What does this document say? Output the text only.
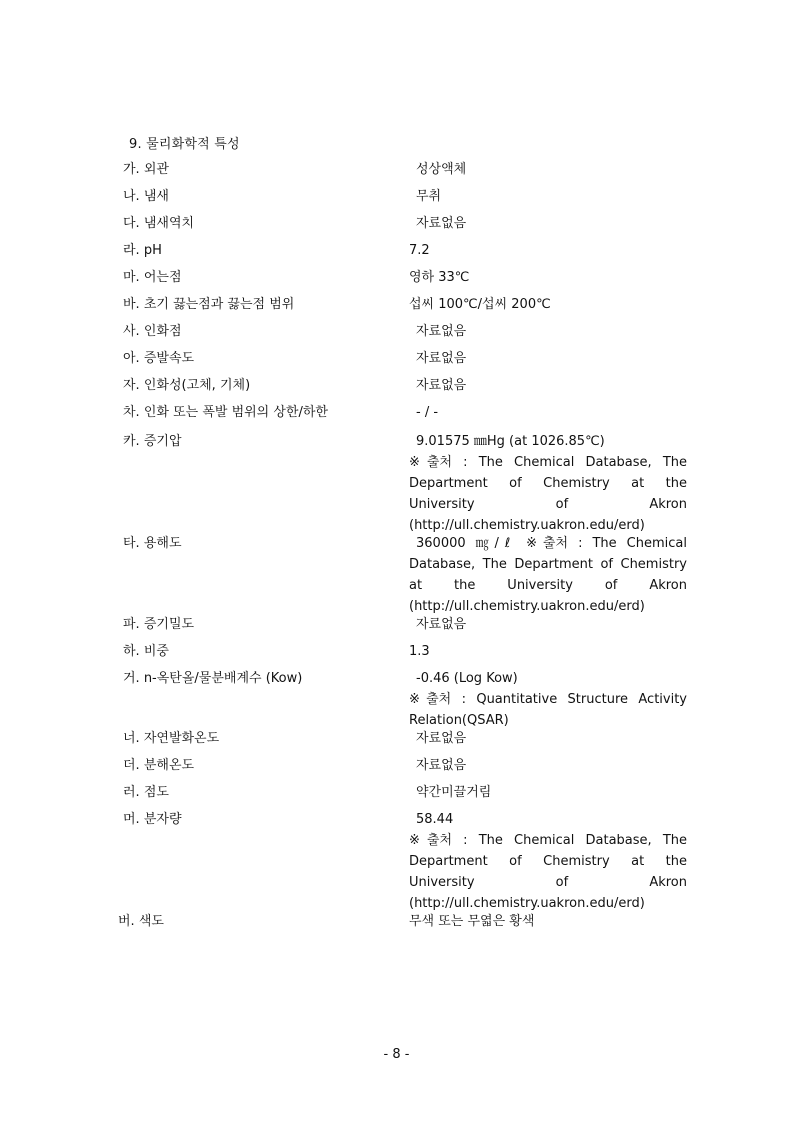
9. 물리화학적 특성
가. 외관	성상액체
나. 냄새	무취
다. 냄새역치	자료없음
라. pH	7.2
마. 어는점	영하 33℃
바. 초기 끓는점과 끓는점 범위	섭씨 100℃/섭씨 200℃
사. 인화점	자료없음
아. 증발속도	자료없음
자. 인화성(고체, 기체)	자료없음
차. 인화 또는 폭발 범위의 상한/하한	- / -
카. 증기압	9.01575 ㎜Hg (at 1026.85℃)
※출처 : The Chemical Database, The Department of Chemistry at the University of Akron (http://ull.chemistry.uakron.edu/erd)
타. 용해도	360000 ㎎/ℓ ※출처 : The Chemical Database, The Department of Chemistry at the University of Akron (http://ull.chemistry.uakron.edu/erd)
파. 증기밀도	자료없음
하. 비중	1.3
거. n-옥탄올/물분배계수 (Kow)	-0.46 (Log Kow)
※출처 : Quantitative Structure Activity Relation(QSAR)
너. 자연발화온도	자료없음
더. 분해온도	자료없음
러. 점도	약간미끌거림
머. 분자량	58.44
※출처 : The Chemical Database, The Department of Chemistry at the University of Akron (http://ull.chemistry.uakron.edu/erd)
버. 색도	무색 또는 무엷은 황색
- 8 -
